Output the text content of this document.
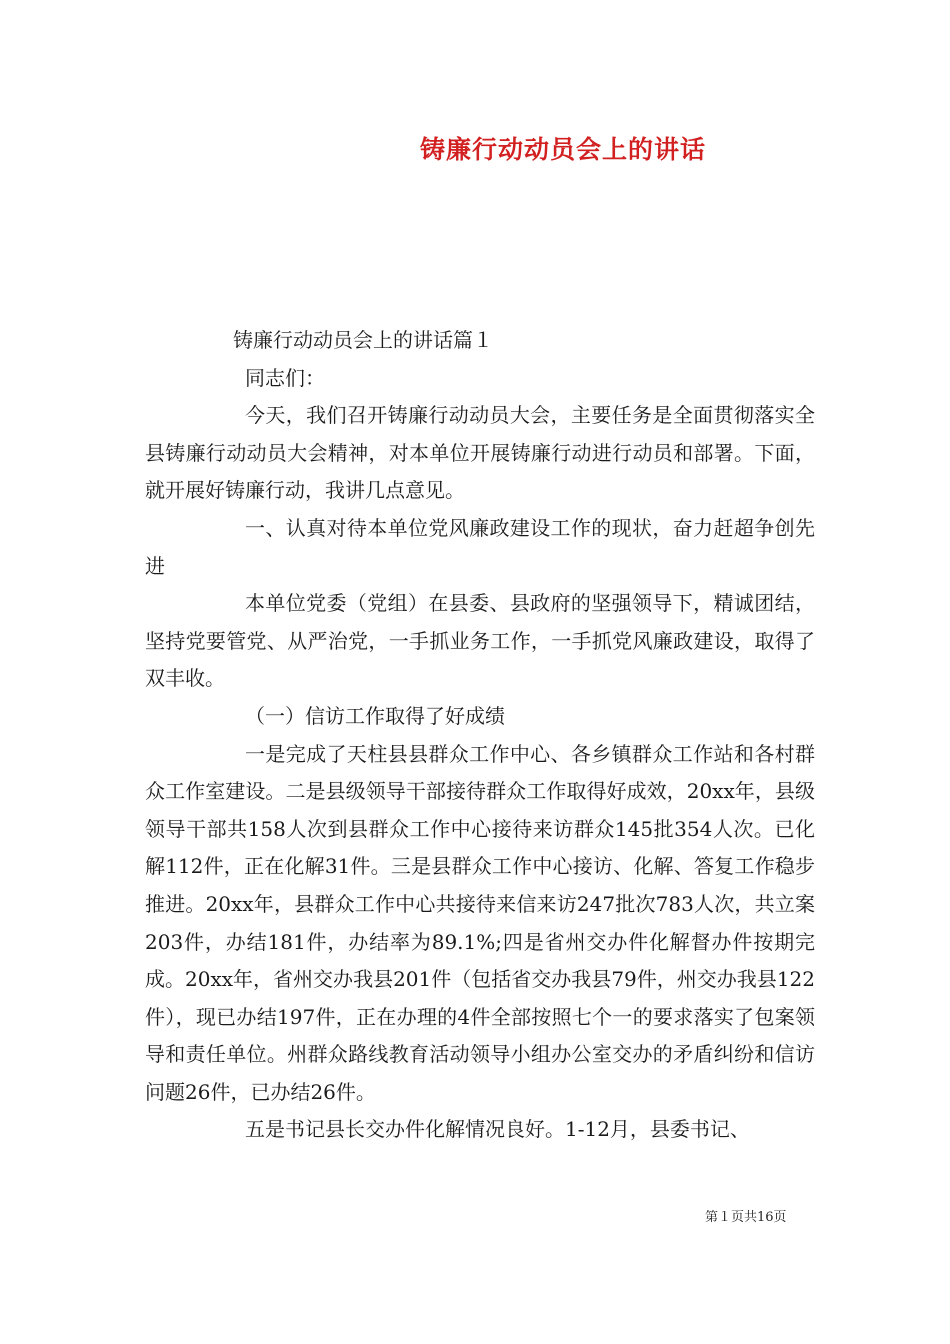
铸廉行动动员会上的讲话

铸廉行动动员会上的讲话篇１

同志们：

今天，我们召开铸廉行动动员大会，主要任务是全面贯彻落实全县铸廉行动动员大会精神，对本单位开展铸廉行动进行动员和部署。下面，就开展好铸廉行动，我讲几点意见。

一、认真对待本单位党风廉政建设工作的现状，奋力赶超争创先进

本单位党委（党组）在县委、县政府的坚强领导下，精诚团结，坚持党要管党、从严治党，一手抓业务工作，一手抓党风廉政建设，取得了双丰收。

（一）信访工作取得了好成绩

一是完成了天柱县县群众工作中心、各乡镇群众工作站和各村群众工作室建设。二是县级领导干部接待群众工作取得好成效，20xx年，县级领导干部共158人次到县群众工作中心接待来访群众145批354人次。已化解112件，正在化解31件。三是县群众工作中心接访、化解、答复工作稳步推进。20xx年，县群众工作中心共接待来信来访247批次783人次，共立案203件，办结181件，办结率为89.1%;四是省州交办件化解督办件按期完成。20xx年，省州交办我县201件（包括省交办我县79件，州交办我县122件），现已办结197件，正在办理的4件全部按照七个一的要求落实了包案领导和责任单位。州群众路线教育活动领导小组办公室交办的矛盾纠纷和信访问题26件，已办结26件。

五是书记县长交办件化解情况良好。1-12月，县委书记、

第１页共16页
